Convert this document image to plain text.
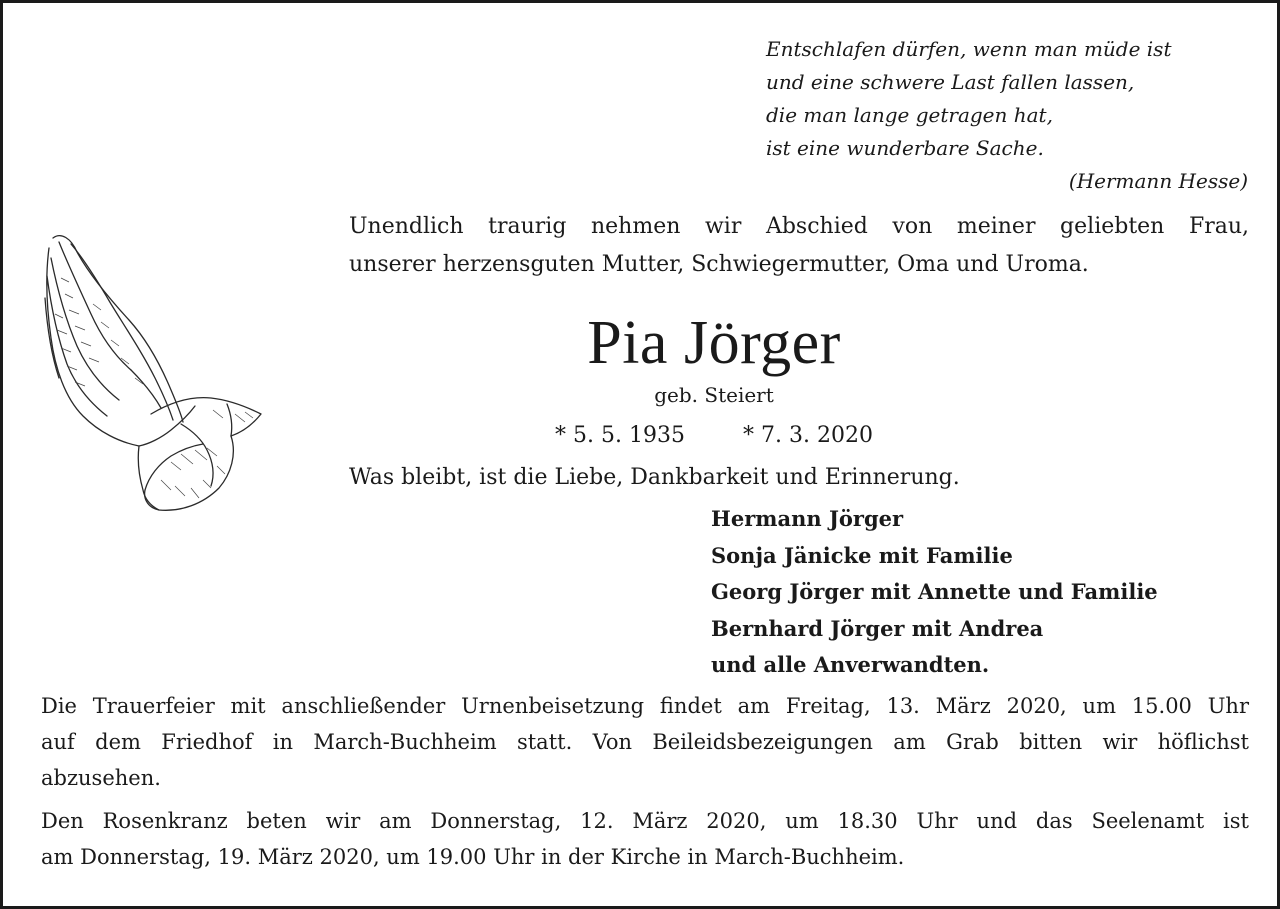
Entschlafen dürfen, wenn man müde ist
und eine schwere Last fallen lassen,
die man lange getragen hat,
ist eine wunderbare Sache.
(Hermann Hesse)
Unendlich traurig nehmen wir Abschied von meiner geliebten Frau,
unserer herzensguten Mutter, Schwiegermutter, Oma und Uroma.
Pia Jörger
geb. Steiert
* 5. 5. 1935	* 7. 3. 2020
Was bleibt, ist die Liebe, Dankbarkeit und Erinnerung.
Hermann Jörger
Sonja Jänicke mit Familie
Georg Jörger mit Annette und Familie
Bernhard Jörger mit Andrea
und alle Anverwandten.
Die Trauerfeier mit anschließender Urnenbeisetzung findet am Freitag, 13. März 2020, um 15.00 Uhr
auf dem Friedhof in March-Buchheim statt. Von Beileidsbezeigungen am Grab bitten wir höflichst
abzusehen.
Den Rosenkranz beten wir am Donnerstag, 12. März 2020, um 18.30 Uhr und das Seelenamt ist
am Donnerstag, 19. März 2020, um 19.00 Uhr in der Kirche in March-Buchheim.
